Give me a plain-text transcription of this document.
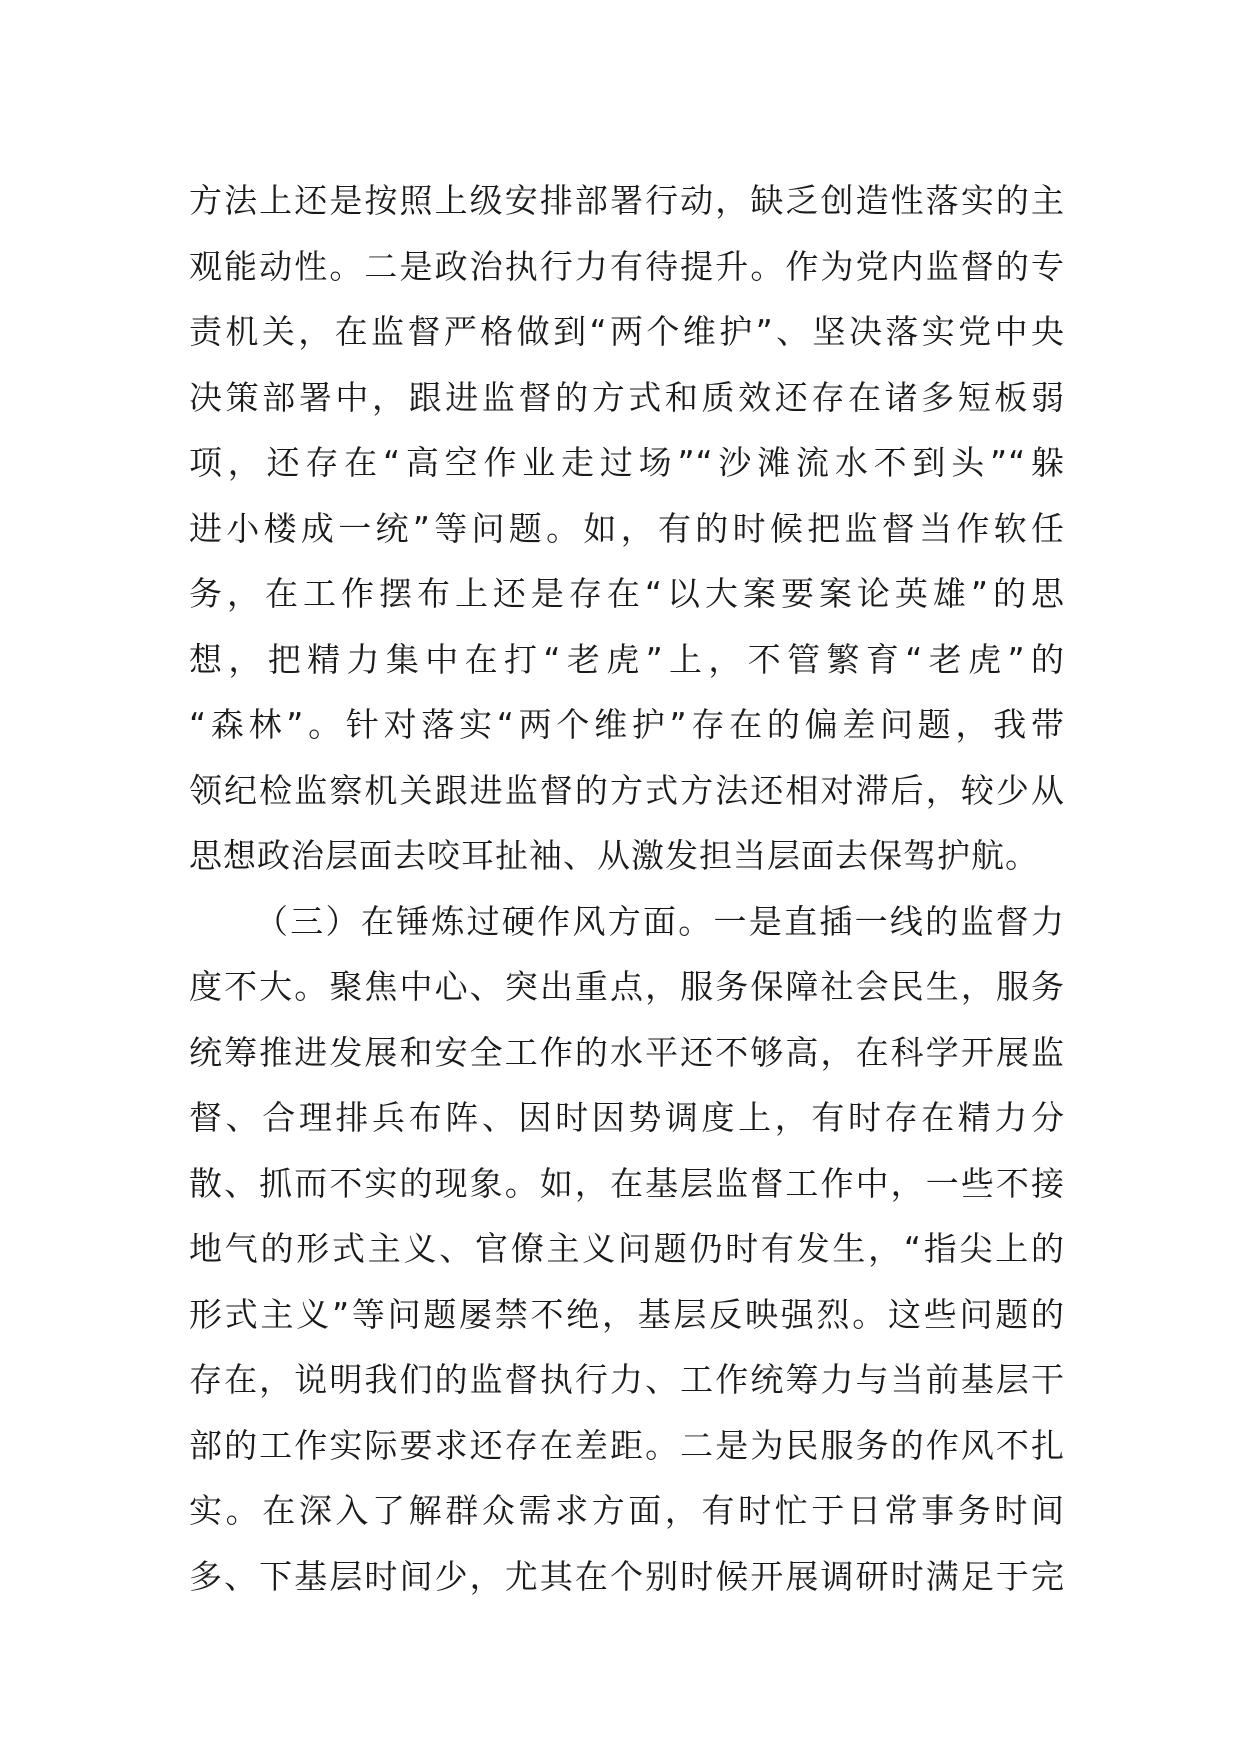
方法上还是按照上级安排部署行动，缺乏创造性落实的主
观能动性。二是政治执行力有待提升。作为党内监督的专
责机关，在监督严格做到“两个维护”、坚决落实党中央
决策部署中，跟进监督的方式和质效还存在诸多短板弱
项，还存在“高空作业走过场”“沙滩流水不到头”“躲
进小楼成一统”等问题。如，有的时候把监督当作软任
务，在工作摆布上还是存在“以大案要案论英雄”的思
想，把精力集中在打“老虎”上，不管繁育“老虎”的
“森林”。针对落实“两个维护”存在的偏差问题，我带
领纪检监察机关跟进监督的方式方法还相对滞后，较少从
思想政治层面去咬耳扯袖、从激发担当层面去保驾护航。
（三）在锤炼过硬作风方面。一是直插一线的监督力
度不大。聚焦中心、突出重点，服务保障社会民生，服务
统筹推进发展和安全工作的水平还不够高，在科学开展监
督、合理排兵布阵、因时因势调度上，有时存在精力分
散、抓而不实的现象。如，在基层监督工作中，一些不接
地气的形式主义、官僚主义问题仍时有发生，“指尖上的
形式主义”等问题屡禁不绝，基层反映强烈。这些问题的
存在，说明我们的监督执行力、工作统筹力与当前基层干
部的工作实际要求还存在差距。二是为民服务的作风不扎
实。在深入了解群众需求方面，有时忙于日常事务时间
多、下基层时间少，尤其在个别时候开展调研时满足于完
